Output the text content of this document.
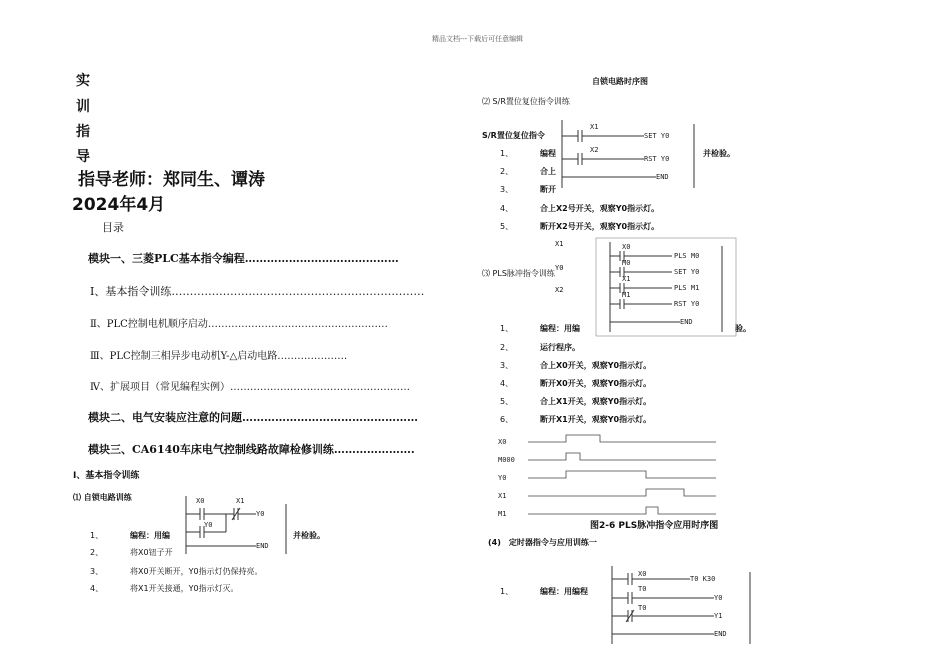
精品文档---下载后可任意编辑
实
训
指
导
指导老师：郑同生、谭涛
2024年4月
目录
模块一、三菱PLC基本指令编程……………………………………
Ⅰ、基本指令训练……………………………………………………………
Ⅱ、PLC控制电机顺序启动………………………………………………
Ⅲ、PLC控制三相异步电动机Y-△启动电路…………………
Ⅳ、扩展项目（常见编程实例）………………………………………………
模块二、电气安装应注意的问题…………………………………………
模块三、CA6140车床电气控制线路故障检修训练………………….
Ⅰ、基本指令训练
⑴ 自锁电路训练	X0	X1
Y0
Y0
END
1、	编程：用编	并检验。
2、	将X0钮子开
3、	将X0开关断开，Y0指示灯仍保持亮。
4、	将X1开关接通，Y0指示灯灭。
自锁电路时序图
⑵ S/R置位复位指令训练
S/R置位复位指令
X1
SET Y0
X2
RST Y0
END
并检验。
1、	编程
2、	合上
3、	断开
4、	合上X2号开关，观察Y0指示灯。
5、	断开X2号开关，观察Y0指示灯。
X1
Y0
X2
⑶ PLS脉冲指令训练
X0
PLS M0
M0
SET Y0
X1
PLS M1
M1
RST Y0
END
1、	编程：用编	验。
2、	运行程序。
3、	合上X0开关，观察Y0指示灯。
4、	断开X0开关，观察Y0指示灯。
5、	合上X1开关，观察Y0指示灯。
6、	断开X1开关，观察Y0指示灯。
X0
M000
Y0
X1
M1
图2-6 PLS脉冲指令应用时序图
(4)　定时器指令与应用训练一
1、	编程：用编程
X0
T0 K30
T0
Y0
T0
Y1
END
